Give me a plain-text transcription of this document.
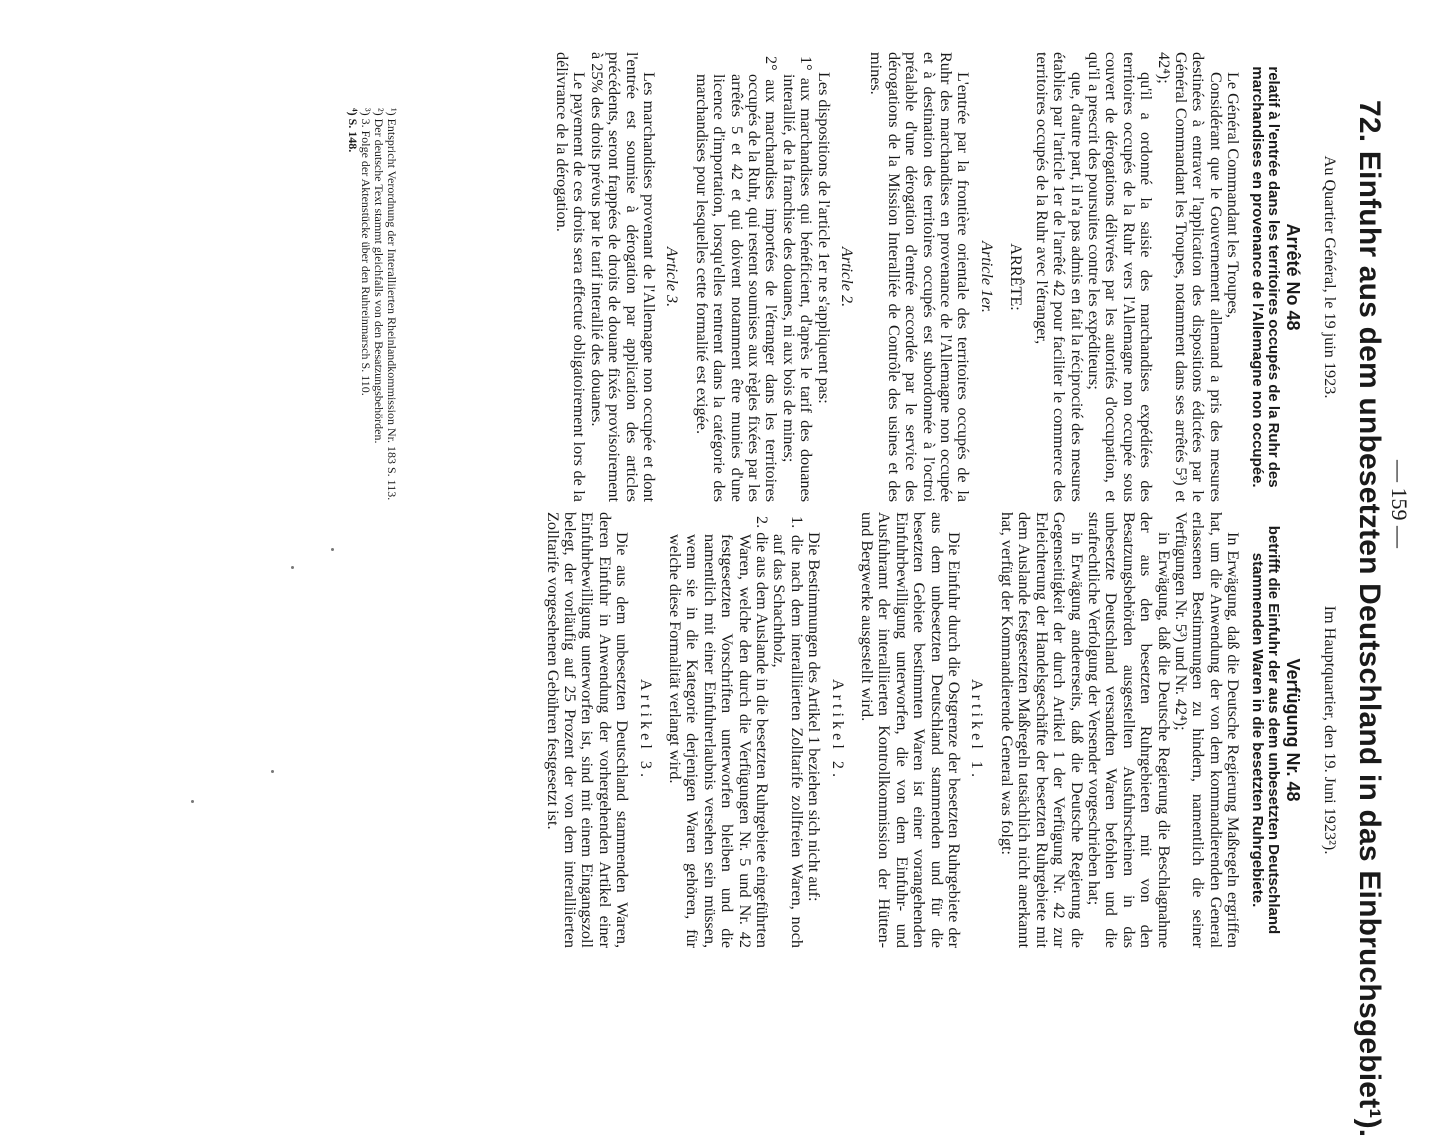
— 159 —
72. Einfuhr aus dem unbesetzten Deutschland in das Einbruchsgebiet¹).
Au Quartier Général, le 19 juin 1923.
Arrêté No 48
relatif à l'entrée dans les territoires occupés de la Ruhr des marchandises en provenance de l'Allemagne non occupée.

Le Général Commandant les Troupes,

Considérant que le Gouvernement allemand a pris des mesures destinées à entraver l'application des dispositions édictées par le Général Commandant les Troupes, notamment dans ses arrêtés 5³) et 42⁴);

qu'il a ordonné la saisie des marchandises expédiées des territoires occupés de la Ruhr vers l'Allemagne non occupée sous couvert de dérogations délivrées par les autorités d'occupation, et qu'il a prescrit des poursuites contre les expéditeurs;

que, d'autre part, il n'a pas admis en fait la réciprocité des mesures établies par l'article 1er de l'arrêté 42 pour faciliter le commerce des territoires occupés de la Ruhr avec l'étranger,

ARRÊTE:
Article 1er.

L'entrée par la frontière orientale des territoires occupés de la Ruhr des marchandises en provenance de l'Allemagne non occupée et à destination des territoires occupés est subordonnée à l'octroi préalable d'une dérogation d'entrée accordée par le service des dérogations de la Mission Interalliée de Contrôle des usines et des mines.

Article 2.

Les dispositions de l'article 1er ne s'appliquent pas:

1° aux marchandises qui bénéficient, d'après le tarif des douanes interallié, de la franchise des douanes, ni aux bois de mines;

2° aux marchandises importées de l'étranger dans les territoires occupés de la Ruhr, qui restent soumises aux règles fixées par les arrêtés 5 et 42 et qui doivent notamment être munies d'une licence d'importation, lorsqu'elles rentrent dans la catégorie des marchandises pour lesquelles cette formalité est exigée.

Article 3.

Les marchandises provenant de l'Allemagne non occupée et dont l'entrée est soumise à dérogation par application des articles précédents, seront frappées de droits de douane fixés provisoirement à 25% des droits prévus par le tarif interallié des douanes.

Le payement de ces droits sera effectué obligatoirement lors de la délivrance de la dérogation.

Im Hauptquartier, den 19. Juni 1923²).
Verfügung Nr. 48
betrifft die Einfuhr der aus dem unbesetzten Deutschland stammenden Waren in die besetzten Ruhrgebiete.

In Erwägung, daß die Deutsche Regierung Maßregeln ergriffen hat, um die Anwendung der von dem kommandierenden General erlassenen Bestimmungen zu hindern, namentlich die seiner Verfügungen Nr. 5³) und Nr. 42⁴);

in Erwägung, daß die Deutsche Regierung die Beschlagnahme der aus den besetzten Ruhrgebieten mit von den Besatzungsbehörden ausgestellten Ausfuhrscheinen in das unbesetzte Deutschland versandten Waren befohlen und die strafrechtliche Verfolgung der Versender vorgeschrieben hat;

in Erwägung andererseits, daß die Deutsche Regierung die Gegenseitigkeit der durch Artikel 1 der Verfügung Nr. 42 zur Erleichterung der Handelsgeschäfte der besetzten Ruhrgebiete mit dem Auslande festgesetzten Maßregeln tatsächlich nicht anerkannt hat, verfügt der Kommandierende General was folgt:

Artikel 1.

Die Einfuhr durch die Ostgrenze der besetzten Ruhrgebiete der aus dem unbesetzten Deutschland stammenden und für die besetzten Gebiete bestimmten Waren ist einer vorangehenden Einfuhrbewilligung unterworfen, die von dem Einfuhr- und Ausfuhramt der interalliierten Kontrollkommission der Hütten- und Bergwerke ausgestellt wird.

Artikel 2.

Die Bestimmungen des Artikel 1 beziehen sich nicht auf:

1. die nach dem interalliierten Zolltarife zollfreien Waren, noch auf das Schachtholz,

2. die aus dem Auslande in die besetzten Ruhrgebiete eingeführten Waren, welche den durch die Verfügungen Nr. 5 und Nr. 42 festgesetzten Vorschriften unterworfen bleiben und die namentlich mit einer Einfuhrerlaubnis versehen sein müssen, wenn sie in die Kategorie derjenigen Waren gehören, für welche diese Formalität verlangt wird.

Artikel 3.

Die aus dem unbesetzten Deutschland stammenden Waren, deren Einfuhr in Anwendung der vorhergehenden Artikel einer Einfuhrbewilligung unterworfen ist, sind mit einem Eingangszoll belegt, der vorläufig auf 25 Prozent der von dem interalliierten Zolltarife vorgesehenen Gebühren festgesetzt ist.

¹) Entspricht Verordnung der Interalliierten Rheinlandkommission Nr. 183 S. 113.
²) Der deutsche Text stammt gleichfalls von den Besatzungsbehörden.
³) 3. Folge der Aktenstücke über den Ruhreinmarsch S. 110.
⁴) S. 148.
